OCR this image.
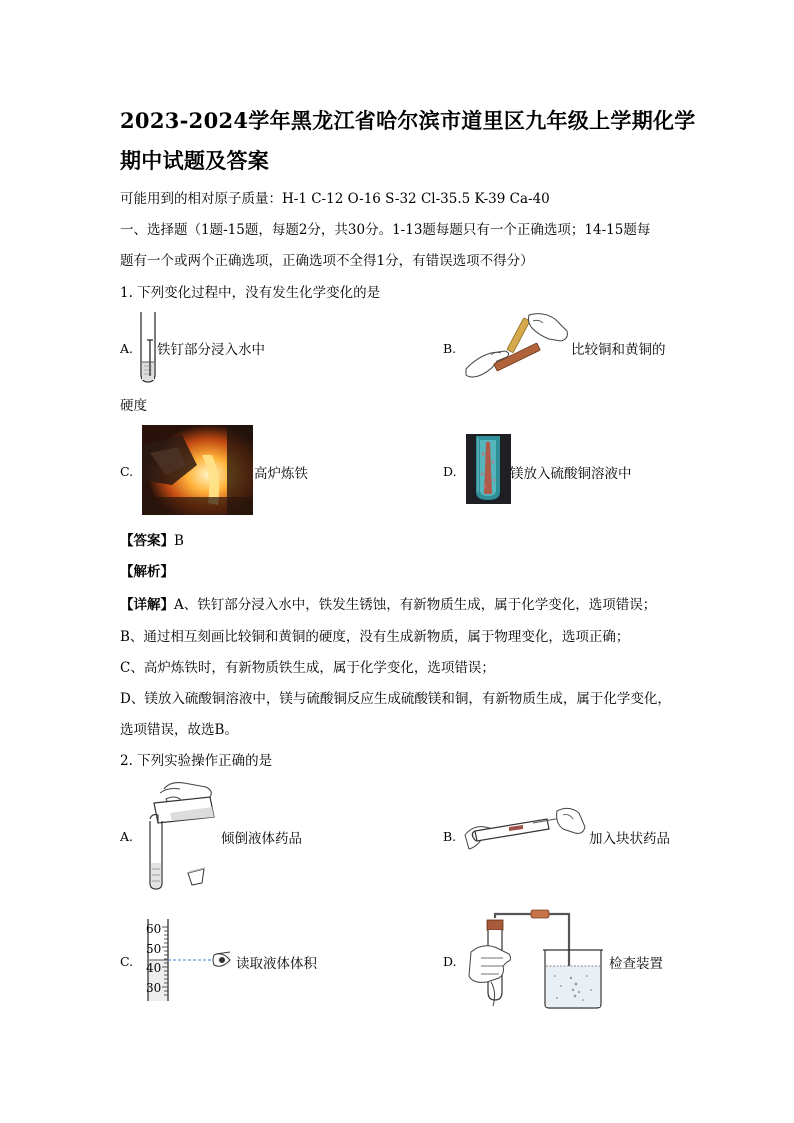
2023-2024学年黑龙江省哈尔滨市道里区九年级上学期化学
期中试题及答案
可能用到的相对原子质量：H-1 C-12 O-16 S-32 Cl-35.5 K-39 Ca-40
一、选择题（1题-15题，每题2分，共30分。1-13题每题只有一个正确选项；14-15题每
题有一个或两个正确选项，正确选项不全得1分，有错误选项不得分）
1. 下列变化过程中，没有发生化学变化的是
A. 铁钉部分浸入水中	B.	比较铜和黄铜的
硬度
C.	高炉炼铁	D.	镁放入硫酸铜溶液中
【答案】B
【解析】
【详解】A、铁钉部分浸入水中，铁发生锈蚀，有新物质生成，属于化学变化，选项错误；
B、通过相互刻画比较铜和黄铜的硬度，没有生成新物质，属于物理变化，选项正确；
C、高炉炼铁时，有新物质铁生成，属于化学变化，选项错误；
D、镁放入硫酸铜溶液中，镁与硫酸铜反应生成硫酸镁和铜，有新物质生成，属于化学变化，
选项错误，故选B。
2. 下列实验操作正确的是
A.	倾倒液体药品	B.	加入块状药品
C.
60
50
40
30
读取液体体积	D.	检查装置
